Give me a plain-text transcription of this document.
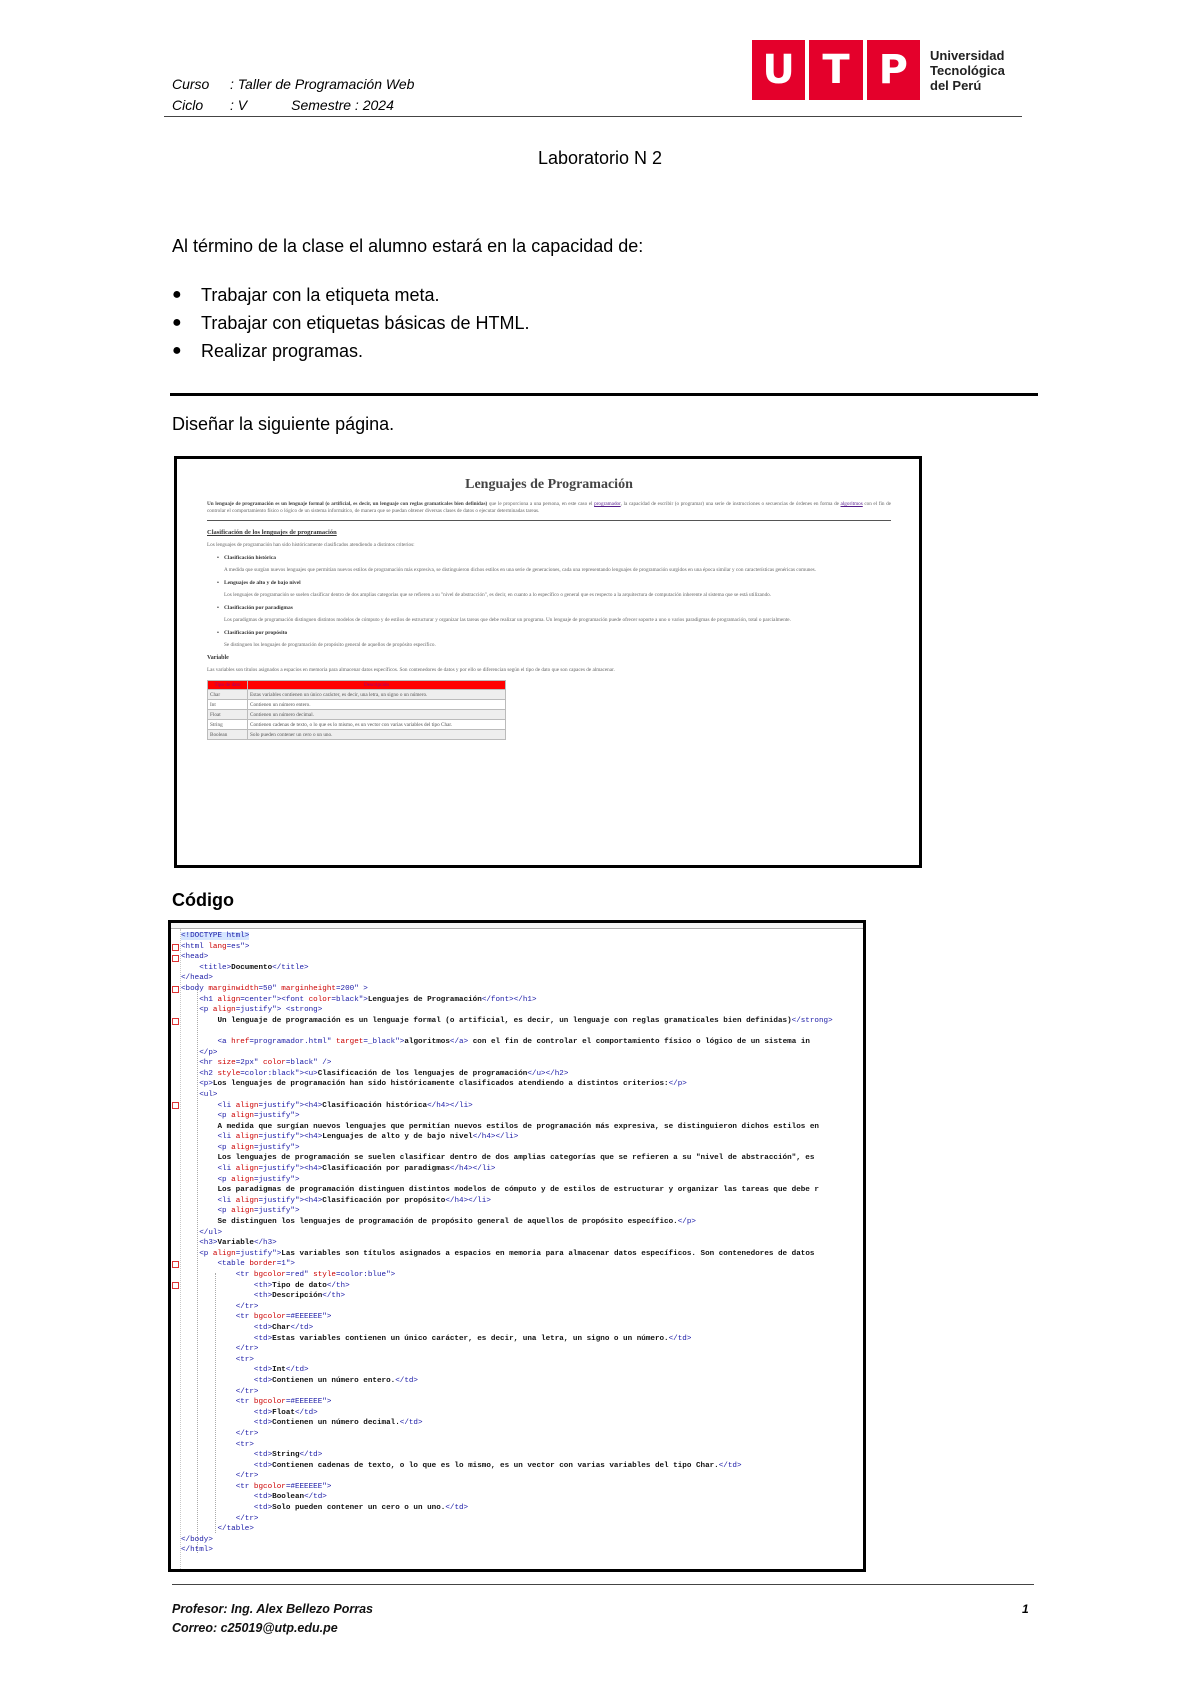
Curso	: Taller de Programación Web
Ciclo	: V	Semestre : 2024
U T P	Universidad
Tecnológica
del Perú
Laboratorio N 2
Al término de la clase el alumno estará en la capacidad de:
●	Trabajar con la etiqueta meta.
●	Trabajar con etiquetas básicas de HTML.
●	Realizar programas.
Diseñar la siguiente página.
Lenguajes de Programación
Un lenguaje de programación es un lenguaje formal (o artificial, es decir, un lenguaje con reglas gramaticales bien definidas) que le proporciona a una persona, en este caso el programador, la capacidad de escribir (o programar) una serie de instrucciones o secuencias de órdenes en forma de algoritmos con el fin de controlar el comportamiento físico o lógico de un sistema informático, de manera que se puedan obtener diversas clases de datos o ejecutar determinadas tareas.
Clasificación de los lenguajes de programación
Los lenguajes de programación han sido históricamente clasificados atendiendo a distintos criterios:
• Clasificación histórica
A medida que surgían nuevos lenguajes que permitían nuevos estilos de programación más expresiva, se distinguieron dichos estilos en una serie de generaciones, cada una representando lenguajes de programación surgidos en una época similar y con características genéricas comunes.
• Lenguajes de alto y de bajo nivel
Los lenguajes de programación se suelen clasificar dentro de dos amplias categorías que se refieren a su "nivel de abstracción", es decir, en cuanto a lo específico o general que es respecto a la arquitectura de computación inherente al sistema que se está utilizando.
• Clasificación por paradigmas
Los paradigmas de programación distinguen distintos modelos de cómputo y de estilos de estructurar y organizar las tareas que debe realizar un programa. Un lenguaje de programación puede ofrecer soporte a uno o varios paradigmas de programación, total o parcialmente.
• Clasificación por propósito
Se distinguen los lenguajes de programación de propósito general de aquellos de propósito específico.
Variable
Las variables son títulos asignados a espacios en memoria para almacenar datos específicos. Son contenedores de datos y por ello se diferencian según el tipo de dato que son capaces de almacenar.
Tipo de dato	Descripción
Char	Estas variables contienen un único carácter, es decir, una letra, un signo o un número.
Int	Contienen un número entero.
Float	Contienen un número decimal.
String	Contienen cadenas de texto, o lo que es lo mismo, es un vector con varias variables del tipo Char.
Boolean	Solo pueden contener un cero o un uno.
Código
<!DOCTYPE html>
<html lang=es">
<head>
<title>Documento</title>
</head>
<body marginwidth=50" marginheight=200" >
<h1 align=center"><font color=black">Lenguajes de Programación</font></h1>
<p align=justify"> <strong>
Un lenguaje de programación es un lenguaje formal (o artificial, es decir, un lenguaje con reglas gramaticales bien definidas)</strong>

<a href=programador.html" target=_black">algoritmos</a> con el fin de controlar el comportamiento físico o lógico de un sistema in
</p>
<hr size=2px" color=black" />
<h2 style=color:black"><u>Clasificación de los lenguajes de programación</u></h2>
<p>Los lenguajes de programación han sido históricamente clasificados atendiendo a distintos criterios:</p>
<ul>
<li align=justify"><h4>Clasificación histórica</h4></li>
<p align=justify">
A medida que surgían nuevos lenguajes que permitían nuevos estilos de programación más expresiva, se distinguieron dichos estilos en
<li align=justify"><h4>Lenguajes de alto y de bajo nivel</h4></li>
<p align=justify">
Los lenguajes de programación se suelen clasificar dentro de dos amplias categorías que se refieren a su "nivel de abstracción", es
<li align=justify"><h4>Clasificación por paradigmas</h4></li>
<p align=justify">
Los paradigmas de programación distinguen distintos modelos de cómputo y de estilos de estructurar y organizar las tareas que debe r
<li align=justify"><h4>Clasificación por propósito</h4></li>
<p align=justify">
Se distinguen los lenguajes de programación de propósito general de aquellos de propósito específico.</p>
</ul>
<h3>Variable</h3>
<p align=justify">Las variables son títulos asignados a espacios en memoria para almacenar datos específicos. Son contenedores de datos
<table border=1">
<tr bgcolor=red" style=color:blue">
<th>Tipo de dato</th>
<th>Descripción</th>
</tr>
<tr bgcolor=#EEEEEE">
<td>Char</td>
<td>Estas variables contienen un único carácter, es decir, una letra, un signo o un número.</td>
</tr>
<tr>
<td>Int</td>
<td>Contienen un número entero.</td>
</tr>
<tr bgcolor=#EEEEEE">
<td>Float</td>
<td>Contienen un número decimal.</td>
</tr>
<tr>
<td>String</td>
<td>Contienen cadenas de texto, o lo que es lo mismo, es un vector con varias variables del tipo Char.</td>
</tr>
<tr bgcolor=#EEEEEE">
<td>Boolean</td>
<td>Solo pueden contener un cero o un uno.</td>
</tr>
</table>
</body>
</html>
Profesor: Ing. Alex Bellezo Porras
Correo: c25019@utp.edu.pe
1
